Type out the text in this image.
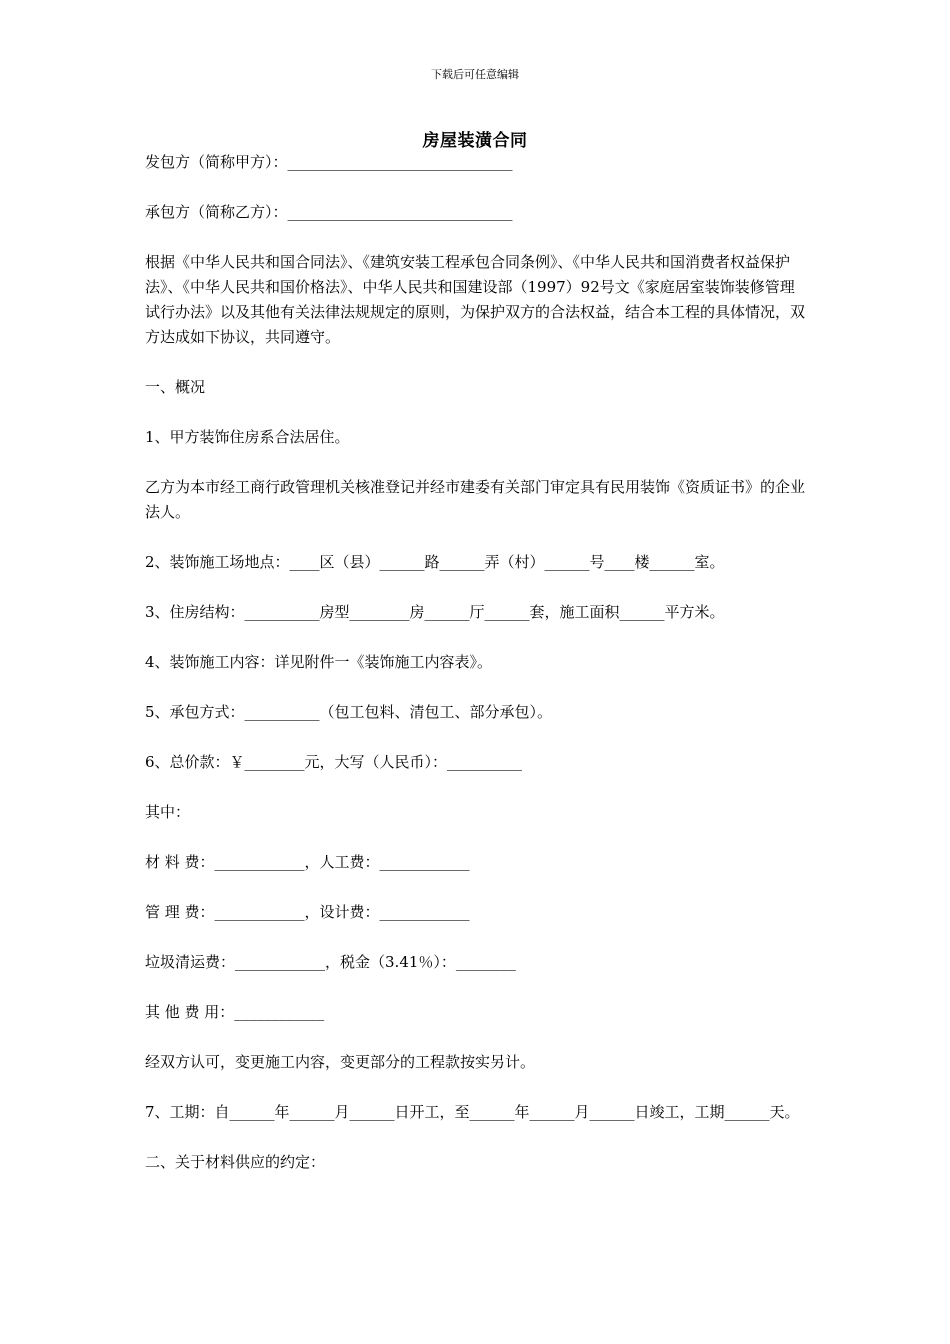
下载后可任意编辑
房屋装潢合同

发包方（简称甲方）：______________________________

承包方（简称乙方）：______________________________

根据《中华人民共和国合同法》、《建筑安装工程承包合同条例》、《中华人民共和国消费者权益保护法》、《中华人民共和国价格法》、中华人民共和国建设部（1997）92号文《家庭居室装饰装修管理试行办法》以及其他有关法律法规规定的原则，为保护双方的合法权益，结合本工程的具体情况，双方达成如下协议，共同遵守。

一、概况

1、甲方装饰住房系合法居住。

乙方为本市经工商行政管理机关核准登记并经市建委有关部门审定具有民用装饰《资质证书》的企业法人。

2、装饰施工场地点：____区（县）______路______弄（村）______号____楼______室。

3、住房结构：__________房型________房______厅______套，施工面积______平方米。

4、装饰施工内容：详见附件一《装饰施工内容表》。

5、承包方式：__________（包工包料、清包工、部分承包）。

6、总价款：￥________元，大写（人民币）：__________

其中：

材 料 费：____________，人工费：____________

管 理 费：____________，设计费：____________

垃圾清运费：____________，税金（3.41％）：________

其 他 费 用：____________

经双方认可，变更施工内容，变更部分的工程款按实另计。

7、工期：自______年______月______日开工，至______年______月______日竣工，工期______天。

二、关于材料供应的约定：
